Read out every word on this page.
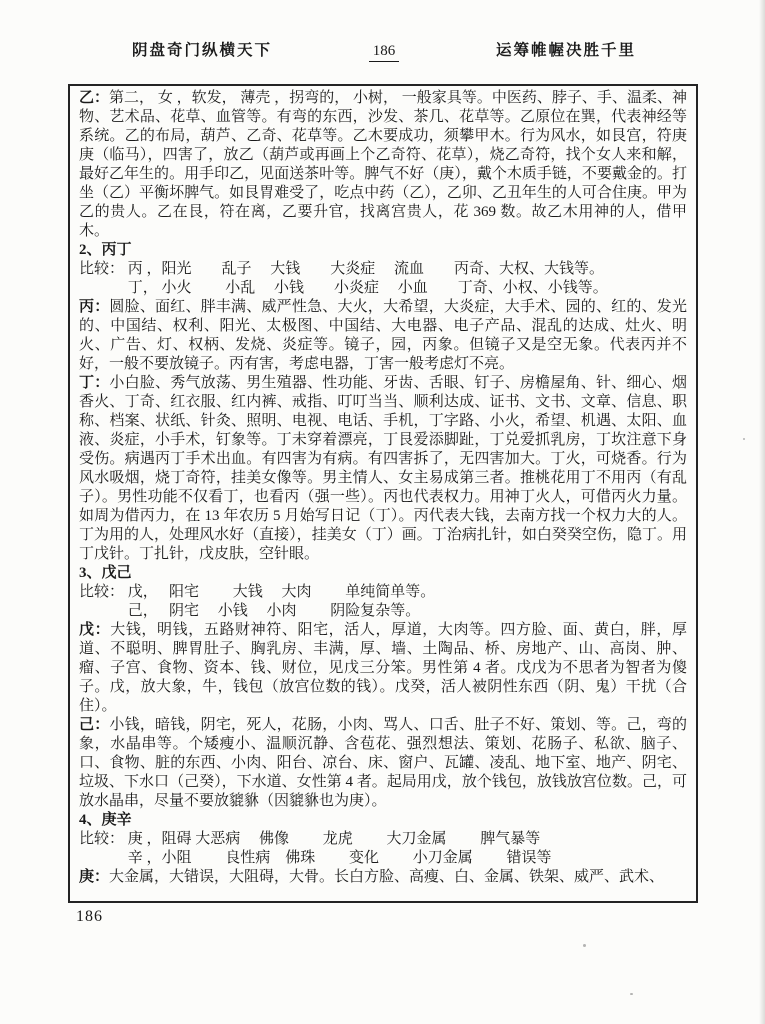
阴盘奇门纵横天下	186	运筹帷幄决胜千里

乙：第二， 女 ，软发， 薄壳 ，拐弯的， 小树， 一般家具等。中医药、脖子、手、温柔、神物、艺术品、花草、血管等。有弯的东西，沙发、茶几、花草等。乙原位在巽，代表神经等系统。乙的布局，葫芦、乙奇、花草等。乙木要成功，须攀甲木。行为风水，如艮宫，符庚庚（临马），四害了，放乙（葫芦或再画上个乙奇符、花草），烧乙奇符，找个女人来和解，最好乙年生的。用手印乙，见面送茶叶等。脾气不好（庚），戴个木质手链，不要戴金的。打坐（乙）平衡坏脾气。如艮胃难受了，吃点中药（乙），乙卯、乙丑年生的人可合住庚。甲为乙的贵人。乙在艮，符在离，乙要升官，找离宫贵人，花 369 数。故乙木用神的人，借甲木。

2、丙丁

比较： 丙 ，阳光　　乱子　 大钱　　大炎症　 流血　　丙奇、大权、大钱等。
　　　 丁， 小火　　 小乱　 小钱　　小炎症　 小血　　丁奇、小权、小钱等。

丙：圆脸、面红、胖丰满、威严性急、大火，大希望，大炎症，大手术、园的、红的、发光的、中国结、权利、阳光、太极图、中国结、大电器、电子产品、混乱的达成、灶火、明火、广告、灯、权柄、发烧、炎症等。镜子，园，丙象。但镜子又是空无象。代表丙并不好，一般不要放镜子。丙有害，考虑电器，丁害一般考虑灯不亮。

丁：小白脸、秀气放荡、男生殖器、性功能、牙齿、舌眼、钉子、房檐屋角、针、细心、烟香火、丁奇、红衣服、红内裤、戒指、叮叮当当、顺利达成、证书、文书、文章、信息、职称、档案、状纸、针灸、照明、电视、电话、手机，丁字路、小火，希望、机遇、太阳、血液、炎症，小手术，钉象等。丁未穿着漂亮，丁艮爱添脚趾，丁兑爱抓乳房，丁坎注意下身受伤。病遇丙丁手术出血。有四害为有病。有四害拆了，无四害加大。丁火，可烧香。行为风水吸烟，烧丁奇符，挂美女像等。男主情人、女主易成第三者。推桃花用丁不用丙（有乱子）。男性功能不仅看丁，也看丙（强一些）。丙也代表权力。用神丁火人，可借丙火力量。如周为借丙力，在 13 年农历 5 月始写日记（丁）。丙代表大钱，去南方找一个权力大的人。丁为用的人，处理风水好（直接），挂美女（丁）画。丁治病扎针，如白癸癸空伤，隐丁。用丁戊针。丁扎针，戊皮肤，空针眼。

3、戊己

比较： 戊，　 阳宅　　 大钱　 大肉　　 单纯简单等。
　　　 己，　 阴宅　 小钱　 小肉　　 阴险复杂等。

戊：大钱，明钱，五路财神符、阳宅，活人，厚道，大肉等。四方脸、面、黄白，胖，厚道、不聪明、脾胃肚子、胸乳房、丰满，厚、墙、土陶品、桥、房地产、山、高岗、肿、瘤、子宫、食物、资本、钱、财位，见戊三分笨。男性第 4 者。戊戊为不思者为智者为傻子。戊，放大象，牛，钱包（放宫位数的钱）。戊癸，活人被阴性东西（阴、鬼）干扰（合住）。

己：小钱，暗钱，阴宅，死人，花肠，小肉、骂人、口舌、肚子不好、策划、等。己，弯的象，水晶串等。个矮瘦小、温顺沉静、含苞花、强烈想法、策划、花肠子、私欲、脑子、口、食物、脏的东西、小肉、阳台、凉台、床、窗户、瓦罐、凌乱、地下室、地产、阴宅、垃圾、下水口（己癸），下水道、女性第 4 者。起局用戊，放个钱包，放钱放宫位数。己，可放水晶串，尽量不要放貔貅（因貔貅也为庚）。

4、庚辛

比较： 庚 ，阻碍 大恶病　 佛像　　 龙虎　　 大刀金属　　 脾气暴等
　　　 辛 ，小阻　　 良性病　佛珠　　 变化　　 小刀金属　　 错误等

庚：大金属，大错误，大阻碍，大骨。长白方脸、高瘦、白、金属、铁架、威严、武术、

186
